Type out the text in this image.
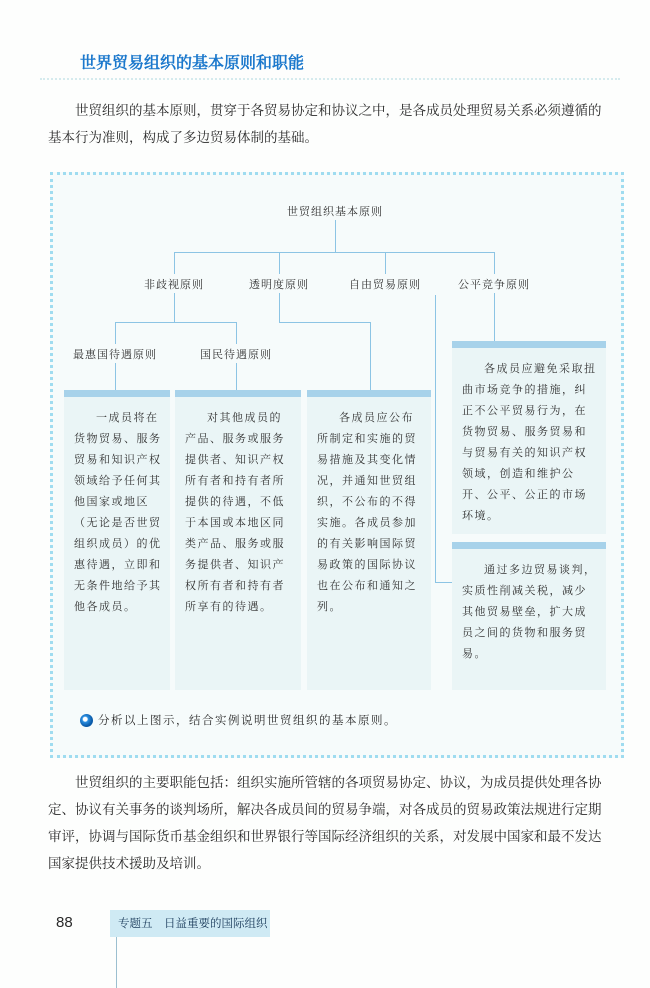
世界贸易组织的基本原则和职能
世贸组织的基本原则，贯穿于各贸易协定和协议之中，是各成员处理贸易关系必须遵循的基本行为准则，构成了多边贸易体制的基础。
世贸组织基本原则
非歧视原则	透明度原则	自由贸易原则	公平竞争原则
最惠国待遇原则	国民待遇原则
一成员将在货物贸易、服务贸易和知识产权领域给予任何其他国家或地区（无论是否世贸组织成员）的优惠待遇，立即和无条件地给予其他各成员。
对其他成员的产品、服务或服务提供者、知识产权所有者和持有者所提供的待遇，不低于本国或本地区同类产品、服务或服务提供者、知识产权所有者和持有者所享有的待遇。
各成员应公布所制定和实施的贸易措施及其变化情况，并通知世贸组织，不公布的不得实施。各成员参加的有关影响国际贸易政策的国际协议也在公布和通知之列。
各成员应避免采取扭曲市场竞争的措施，纠正不公平贸易行为，在货物贸易、服务贸易和与贸易有关的知识产权领域，创造和维护公开、公平、公正的市场环境。
通过多边贸易谈判，实质性削减关税，减少其他贸易壁垒，扩大成员之间的货物和服务贸易。
分析以上图示，结合实例说明世贸组织的基本原则。
世贸组织的主要职能包括：组织实施所管辖的各项贸易协定、协议，为成员提供处理各协定、协议有关事务的谈判场所，解决各成员间的贸易争端，对各成员的贸易政策法规进行定期审评，协调与国际货币基金组织和世界银行等国际经济组织的关系，对发展中国家和最不发达国家提供技术援助及培训。
88	专题五　日益重要的国际组织
